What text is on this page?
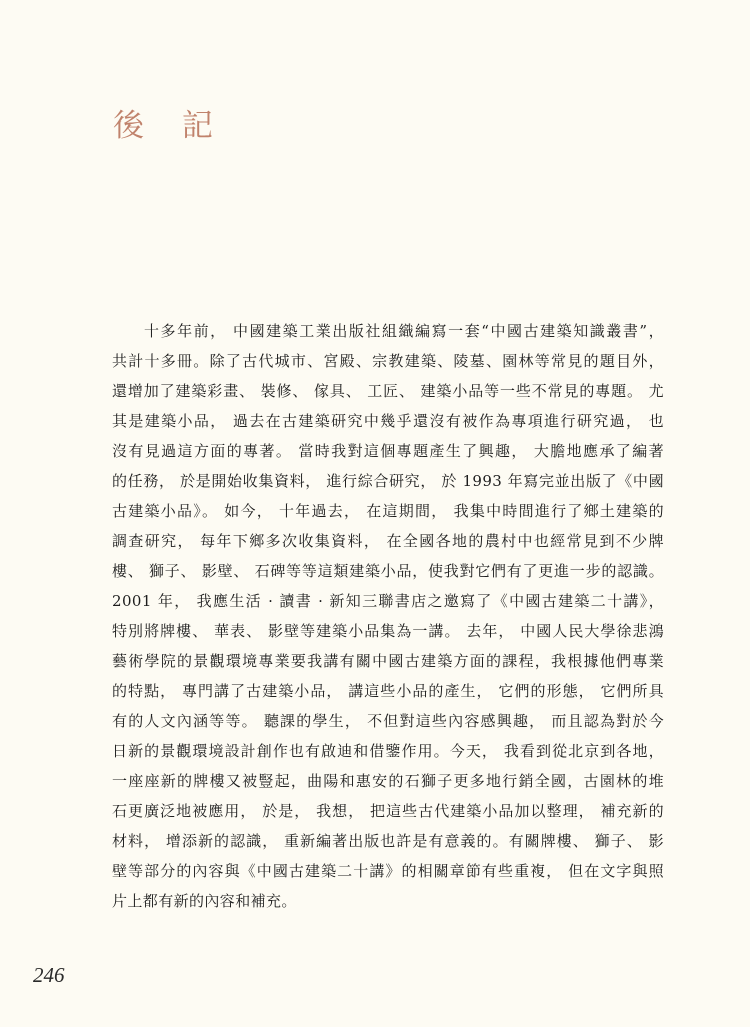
後 記
十多年前， 中國建築工業出版社組織編寫一套“中國古建築知識叢書”，
共計十多冊。除了古代城市、宮殿、宗教建築、陵墓、園林等常見的題目外，
還增加了建築彩畫、 裝修、 傢具、 工匠、 建築小品等一些不常見的專題。 尤
其是建築小品， 過去在古建築研究中幾乎還沒有被作為專項進行研究過， 也
沒有見過這方面的專著。 當時我對這個專題產生了興趣， 大膽地應承了編著
的任務， 於是開始收集資料， 進行綜合研究， 於 1993 年寫完並出版了《中國
古建築小品》。 如今， 十年過去， 在這期間， 我集中時間進行了鄉土建築的
調查研究， 每年下鄉多次收集資料， 在全國各地的農村中也經常見到不少牌
樓、 獅子、 影壁、 石碑等等這類建築小品，使我對它們有了更進一步的認識。
2001 年， 我應生活 · 讀書 · 新知三聯書店之邀寫了《中國古建築二十講》，
特別將牌樓、 華表、 影壁等建築小品集為一講。 去年， 中國人民大學徐悲鴻
藝術學院的景觀環境專業要我講有關中國古建築方面的課程，我根據他們專業
的特點， 專門講了古建築小品， 講這些小品的產生， 它們的形態， 它們所具
有的人文內涵等等。 聽課的學生， 不但對這些內容感興趣， 而且認為對於今
日新的景觀環境設計創作也有啟迪和借鑒作用。今天， 我看到從北京到各地，
一座座新的牌樓又被豎起，曲陽和惠安的石獅子更多地行銷全國，古園林的堆
石更廣泛地被應用， 於是， 我想， 把這些古代建築小品加以整理， 補充新的
材料， 增添新的認識， 重新編著出版也許是有意義的。有關牌樓、 獅子、 影
壁等部分的內容與《中國古建築二十講》的相關章節有些重複， 但在文字與照
片上都有新的內容和補充。
246
